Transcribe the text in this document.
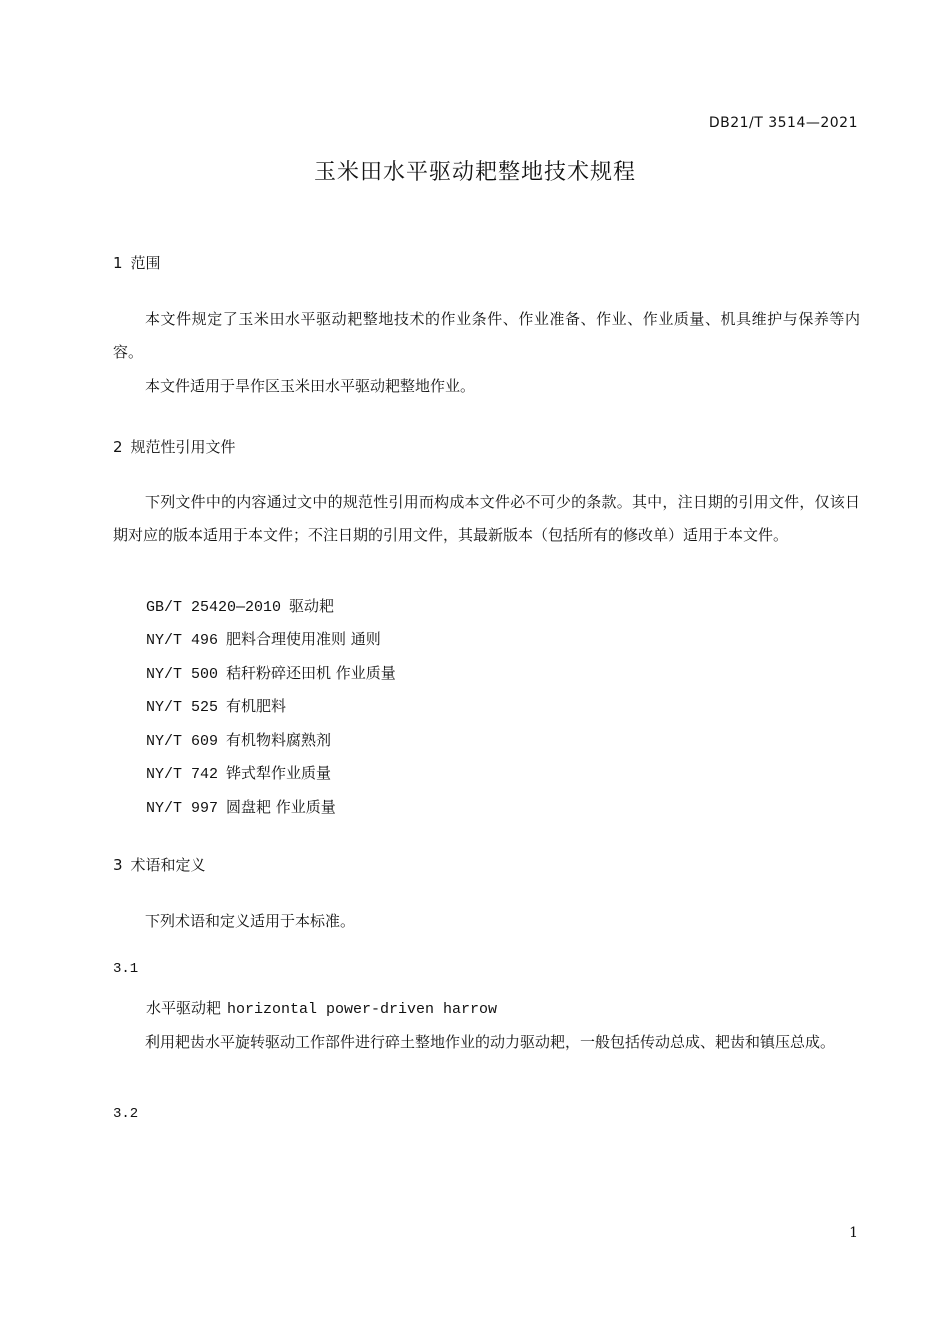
DB21/T 3514—2021
玉米田水平驱动耙整地技术规程
1 范围
本文件规定了玉米田水平驱动耙整地技术的作业条件、作业准备、作业、作业质量、机具维护与保养等内容。
本文件适用于旱作区玉米田水平驱动耙整地作业。
2 规范性引用文件
下列文件中的内容通过文中的规范性引用而构成本文件必不可少的条款。其中，注日期的引用文件，仅该日期对应的版本适用于本文件；不注日期的引用文件，其最新版本（包括所有的修改单）适用于本文件。
GB/T 25420—2010 驱动耙
NY/T 496 肥料合理使用准则 通则
NY/T 500 秸秆粉碎还田机 作业质量
NY/T 525 有机肥料
NY/T 609 有机物料腐熟剂
NY/T 742 铧式犁作业质量
NY/T 997 圆盘耙 作业质量
3 术语和定义
下列术语和定义适用于本标准。
3.1
水平驱动耙 horizontal power-driven harrow
利用耙齿水平旋转驱动工作部件进行碎土整地作业的动力驱动耙，一般包括传动总成、耙齿和镇压总成。
3.2
1
